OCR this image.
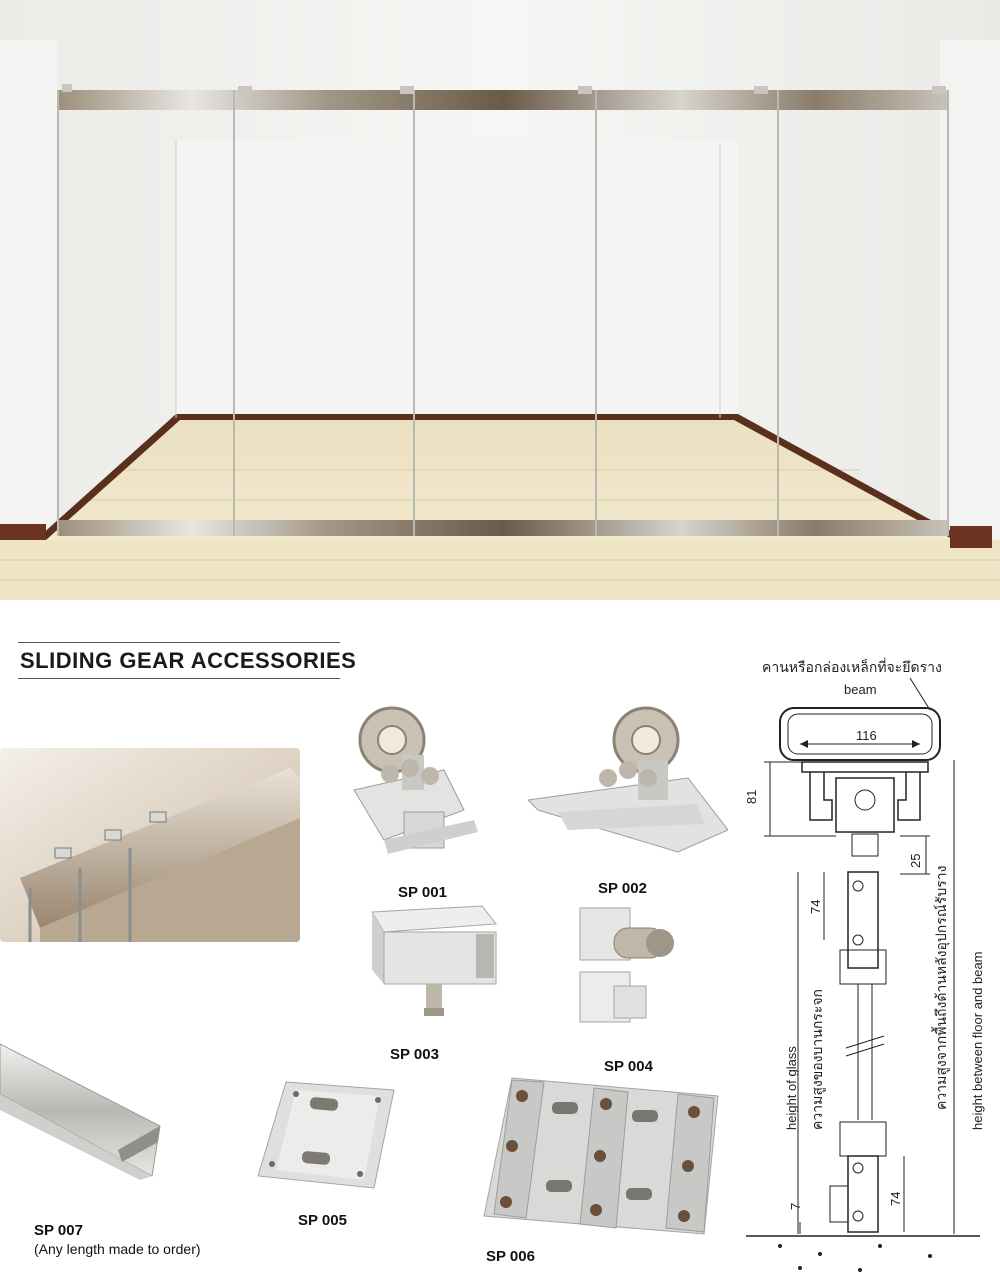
SLIDING GEAR ACCESSORIES
SP 001	SP 002
SP 003
SP 004
SP 005
SP 006
SP 007
(Any length made to order)
คานหรือกล่องเหล็กที่จะยึดราง
beam
116
81
25
74
74
7
height of glass ความสูงของบานกระจก	ความสูงจากพื้นถึงด้านหลังอุปกรณ์รับราง height between floor and beam
